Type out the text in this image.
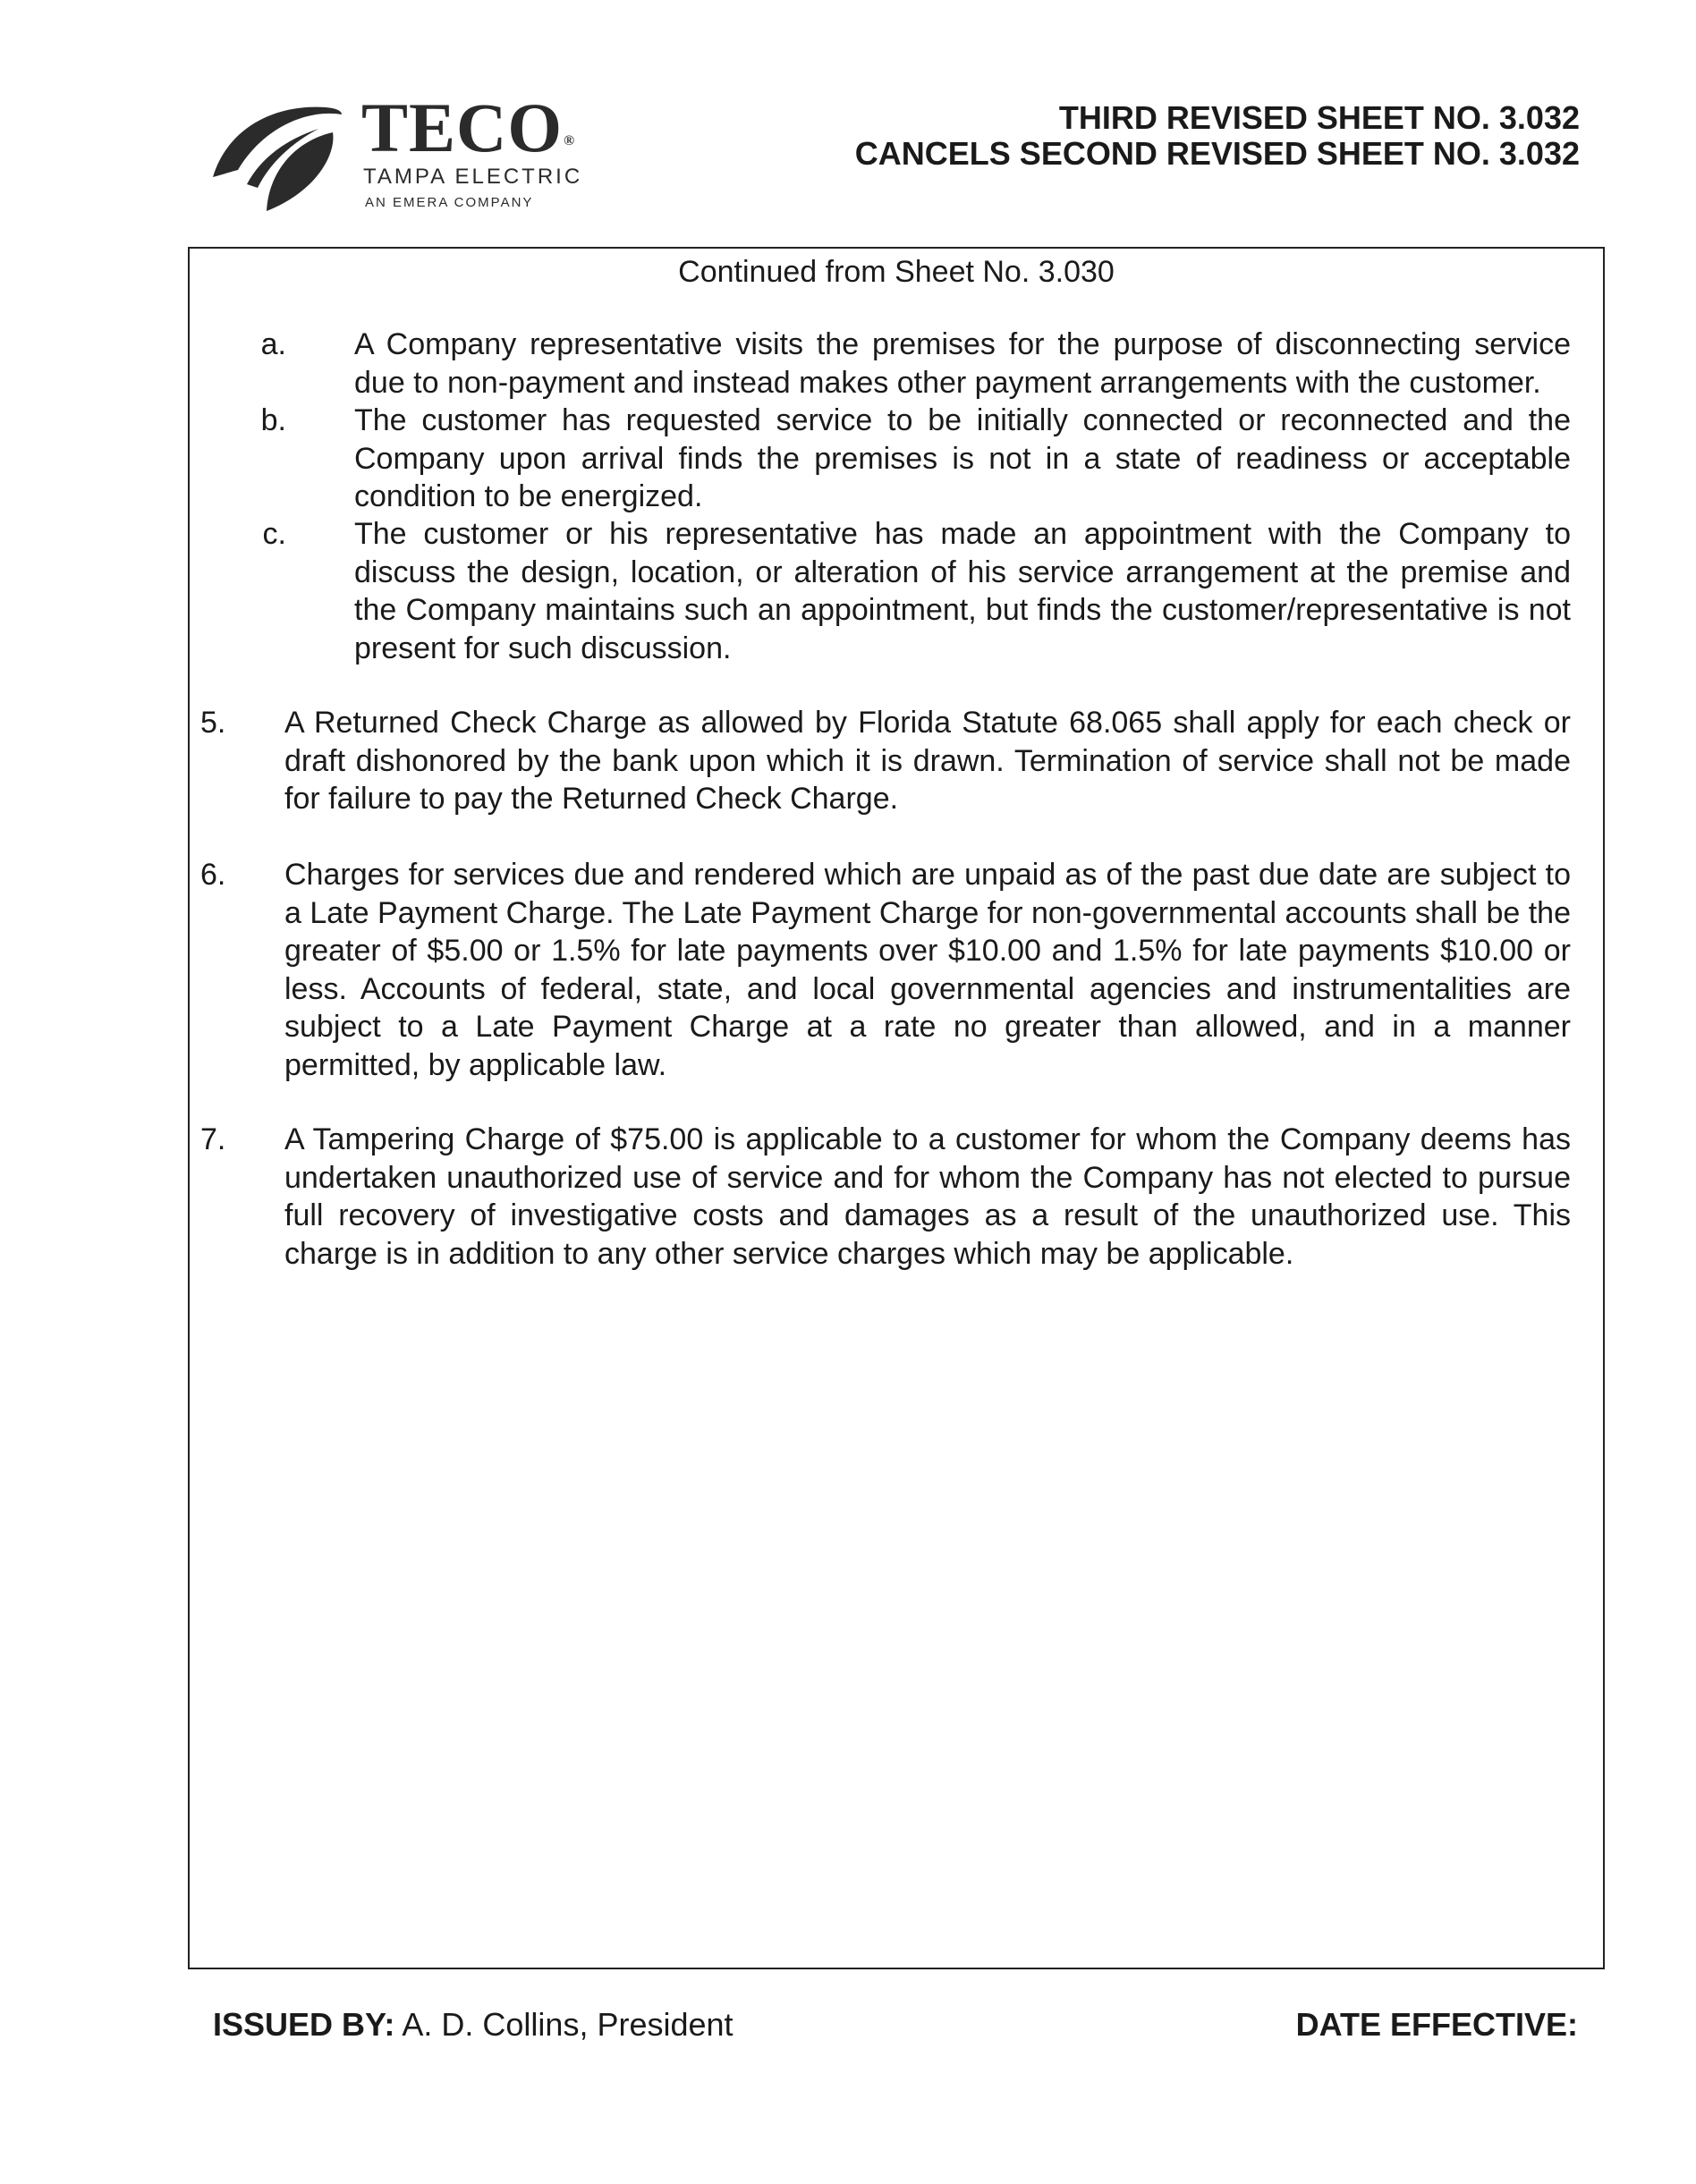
TECO®
TAMPA ELECTRIC
AN EMERA COMPANY
THIRD REVISED SHEET NO. 3.032
CANCELS SECOND REVISED SHEET NO. 3.032
Continued from Sheet No. 3.030
a. A Company representative visits the premises for the purpose of disconnecting service due to non-payment and instead makes other payment arrangements with the customer.
b. The customer has requested service to be initially connected or reconnected and the Company upon arrival finds the premises is not in a state of readiness or acceptable condition to be energized.
c. The customer or his representative has made an appointment with the Company to discuss the design, location, or alteration of his service arrangement at the premise and the Company maintains such an appointment, but finds the customer/representative is not present for such discussion.
5. A Returned Check Charge as allowed by Florida Statute 68.065 shall apply for each check or draft dishonored by the bank upon which it is drawn. Termination of service shall not be made for failure to pay the Returned Check Charge.
6. Charges for services due and rendered which are unpaid as of the past due date are subject to a Late Payment Charge. The Late Payment Charge for non-governmental accounts shall be the greater of $5.00 or 1.5% for late payments over $10.00 and 1.5% for late payments $10.00 or less. Accounts of federal, state, and local governmental agencies and instrumentalities are subject to a Late Payment Charge at a rate no greater than allowed, and in a manner permitted, by applicable law.
7. A Tampering Charge of $75.00 is applicable to a customer for whom the Company deems has undertaken unauthorized use of service and for whom the Company has not elected to pursue full recovery of investigative costs and damages as a result of the unauthorized use. This charge is in addition to any other service charges which may be applicable.
ISSUED BY: A. D. Collins, President	DATE EFFECTIVE:
